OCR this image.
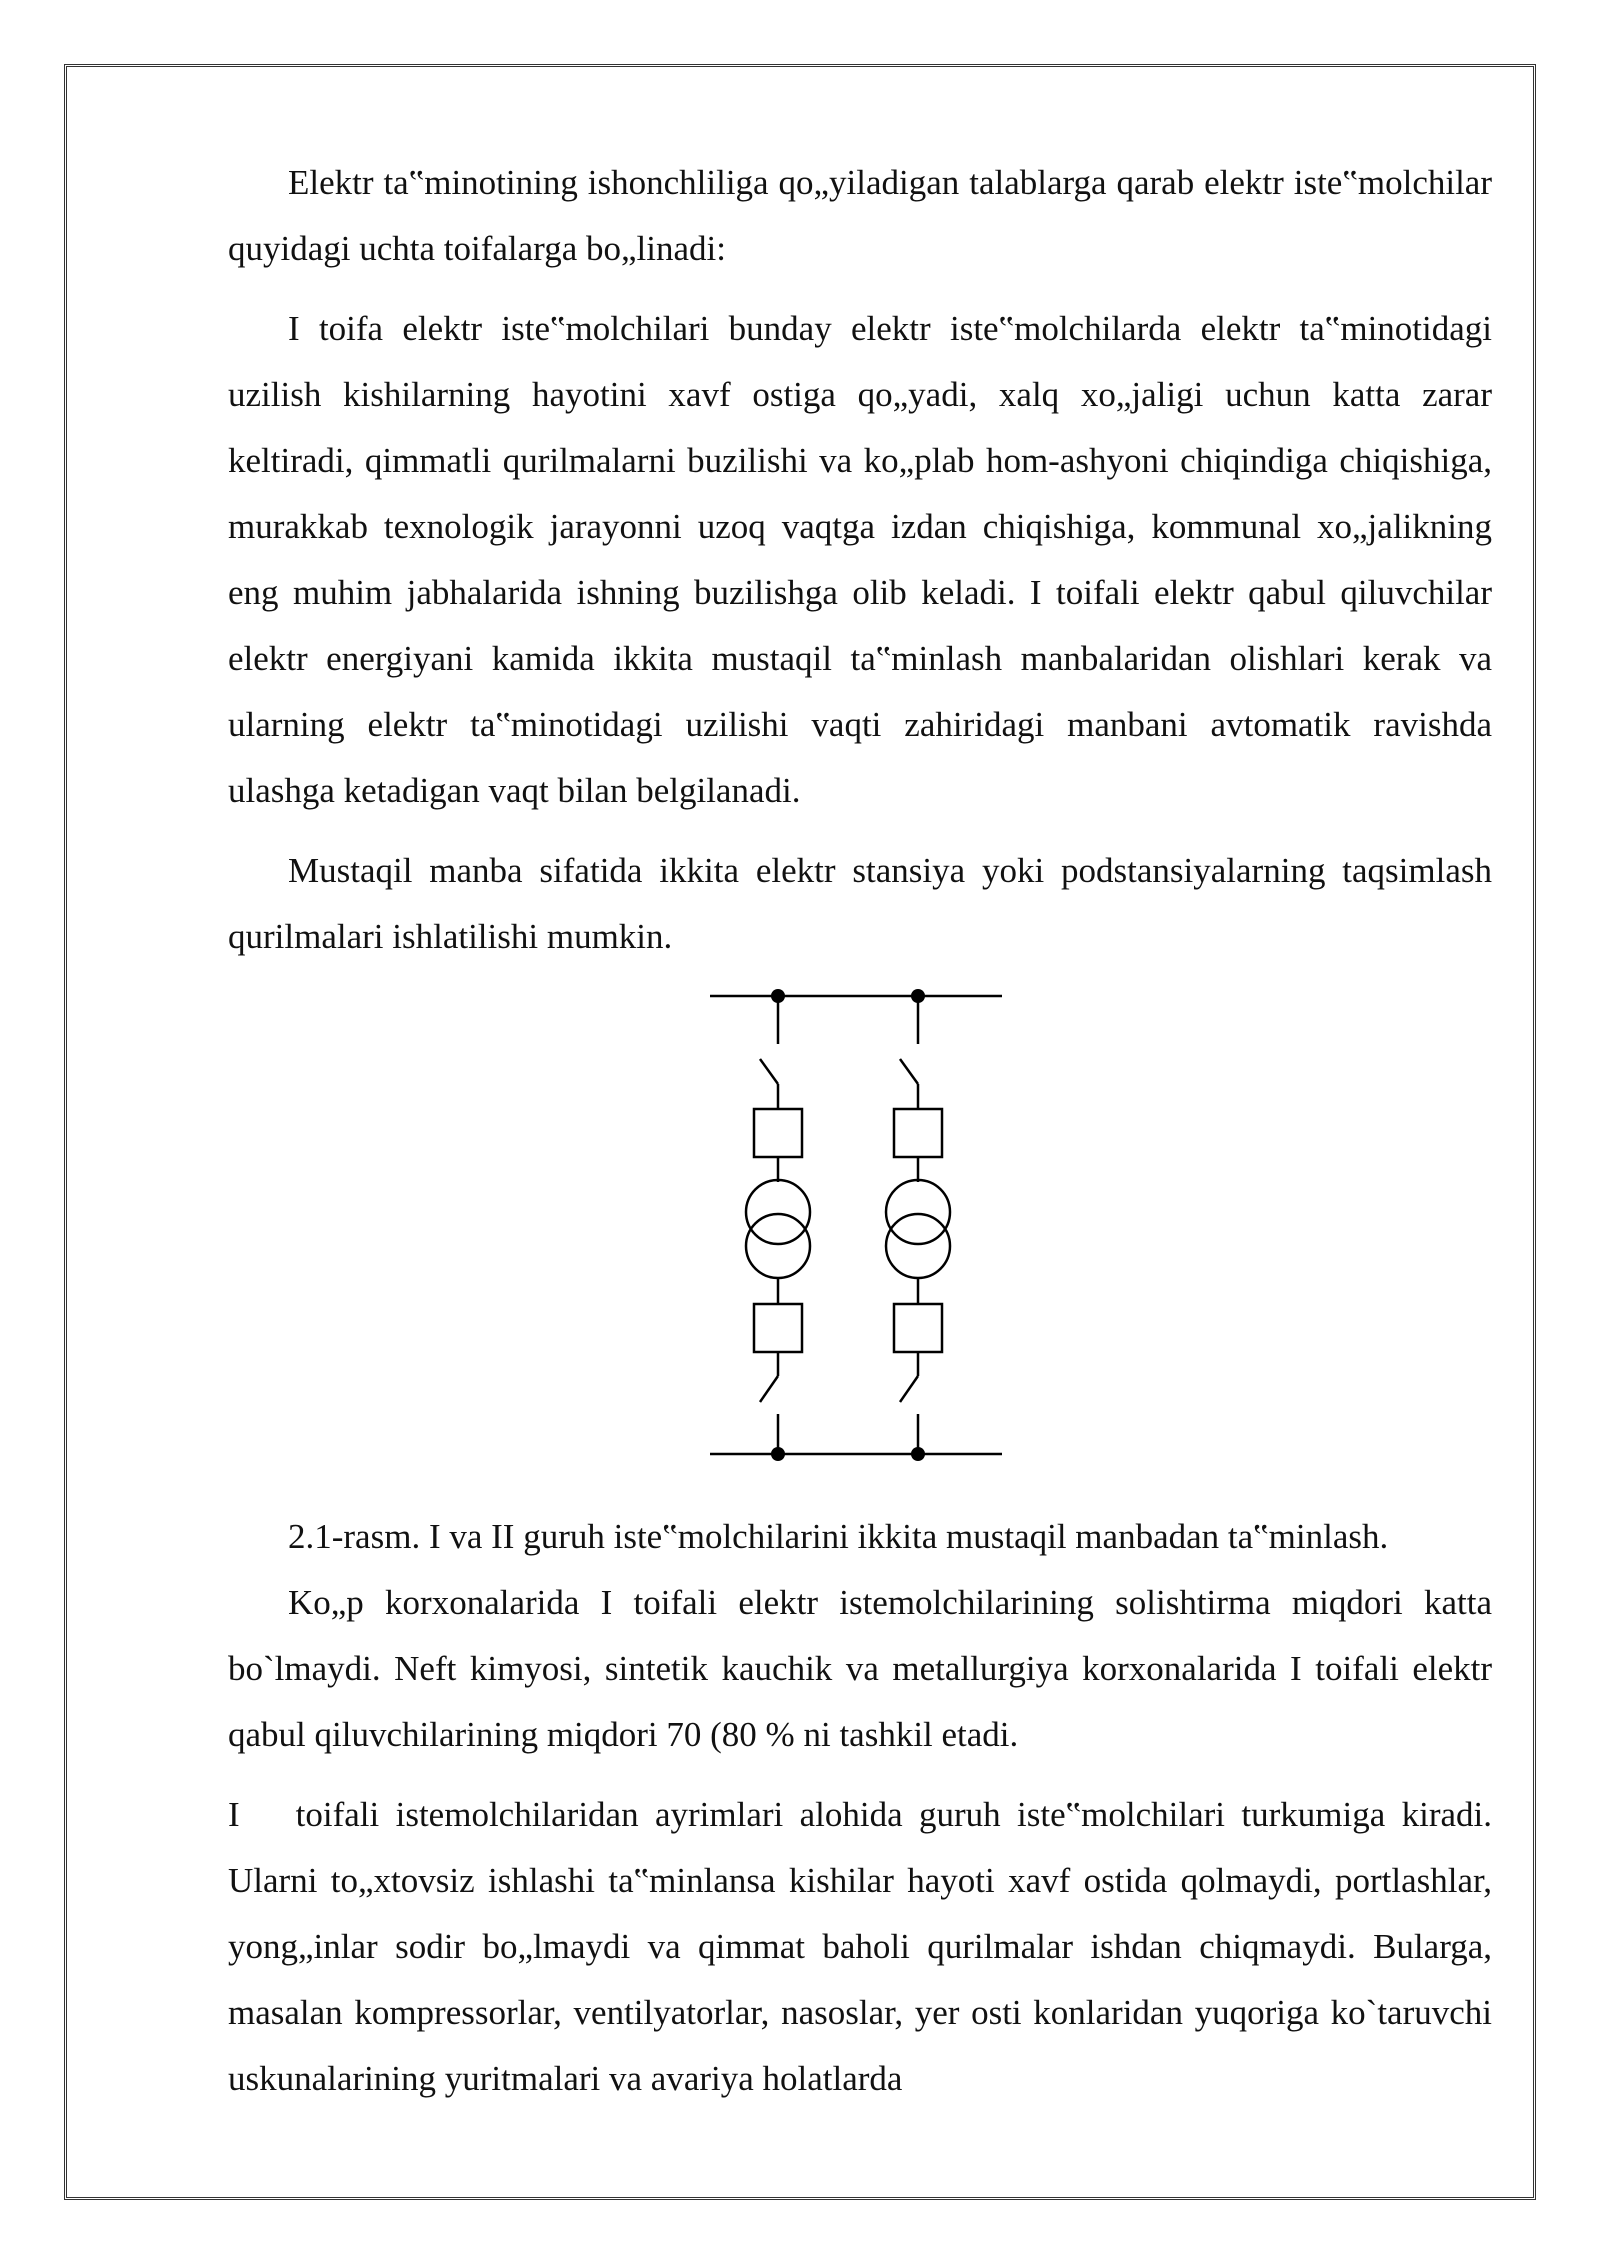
Elektr ta‟minotining ishonchliligа qo„yiladigan talablarga qarab elektr iste‟molchilar quyidagi uchta toifalarga bo„linadi:

I toifa elektr iste‟molchilari bunday elektr iste‟molchilarda elektr ta‟minotidagi uzilish kishilarning hayotini xavf ostiga qo„yadi, xalq xo„jaligi uchun katta zarar keltiradi, qimmatli qurilmalarni buzilishi va ko„plab hom-ashyoni chiqindiga chiqishiga, murakkab texnologik jarayonni uzoq vaqtga izdan chiqishiga, kommunal xo„jalikning eng muhim jabhalarida ishning buzilishga olib keladi. I toifali elektr qabul qiluvchilar elektr energiyani kamida ikkita mustaqil ta‟minlash manbalaridan olishlari kerak va ularning elektr ta‟minotidagi uzilishi vaqti zahiridagi manbani avtomatik ravishda ulashga ketadigan vaqt bilan belgilanadi.

Mustaqil manba sifatida ikkita elektr stansiya yoki podstansiyalarning taqsimlash qurilmalari ishlatilishi mumkin.

2.1-rasm. I va II guruh iste‟molchilarini ikkita mustaqil manbadan ta‟minlash.

Ko„p korxonalarida I toifali elektr istemolchilarining solishtirma miqdori katta bo`lmaydi. Neft kimyosi, sintetik kauchik va metallurgiya korxonalarida I toifali elektr qabul qiluvchilarining miqdori 70 (80 % ni tashkil etadi.

I toifali istemolchilaridan ayrimlari alohida guruh iste‟molchilari turkumiga kiradi. Ularni to„xtovsiz ishlashi ta‟minlansa kishilar hayoti xavf ostida qolmaydi, portlashlar, yong„inlar sodir bo„lmaydi va qimmat baholi qurilmalar ishdan chiqmaydi. Bulargа, masalan kompressorlar, ventilyatorlar, nasoslar, yer osti konlaridan yuqoriga ko`taruvchi uskunalarining yuritmalari va avariya holatlarda
